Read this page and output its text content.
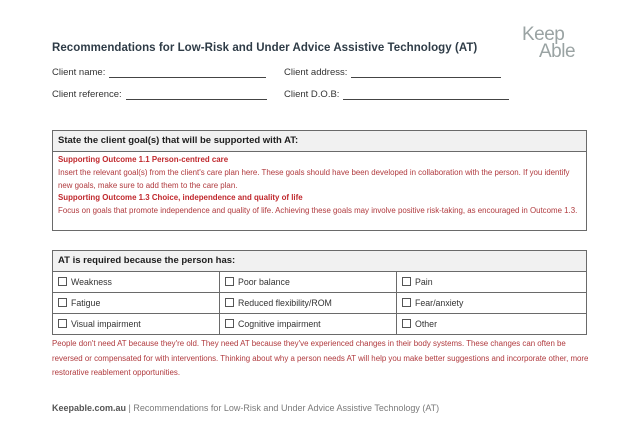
Recommendations for Low-Risk and Under Advice Assistive Technology (AT)
Keep
Able
Client name:	Client address:
Client reference:	Client D.O.B:
State the client goal(s) that will be supported with AT:
Supporting Outcome 1.1 Person-centred care
Insert the relevant goal(s) from the client's care plan here. These goals should have been developed in collaboration with the person. If you identify new goals, make sure to add them to the care plan.
Supporting Outcome 1.3 Choice, independence and quality of life
Focus on goals that promote independence and quality of life. Achieving these goals may involve positive risk-taking, as encouraged in Outcome 1.3.
AT is required because the person has:
Weakness	Poor balance	Pain
Fatigue	Reduced flexibility/ROM	Fear/anxiety
Visual impairment	Cognitive impairment	Other
People don't need AT because they're old. They need AT because they've experienced changes in their body systems. These changes can often be reversed or compensated for with interventions. Thinking about why a person needs AT will help you make better suggestions and incorporate other, more restorative reablement opportunities.
Keepable.com.au | Recommendations for Low-Risk and Under Advice Assistive Technology (AT)
